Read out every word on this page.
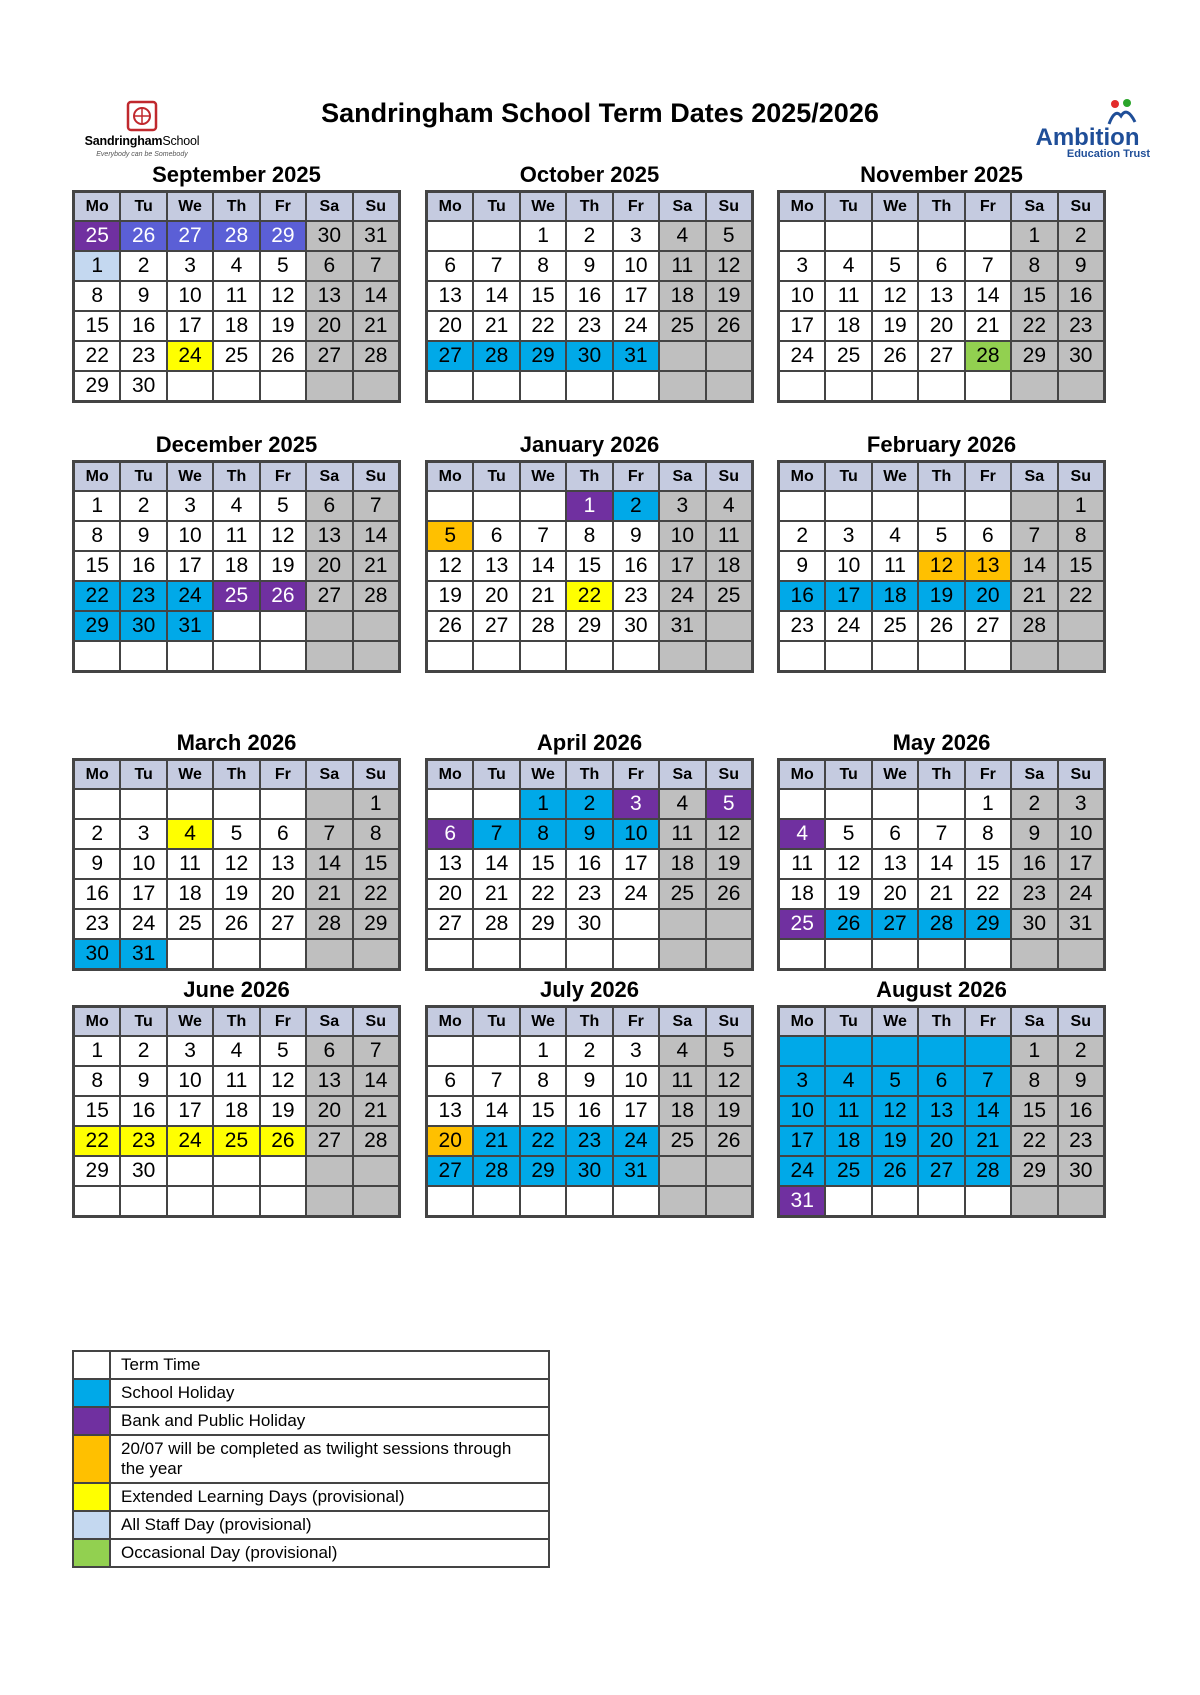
SandringhamSchool
Everybody can be Somebody
Sandringham School Term Dates 2025/2026
Ambition
Education Trust
September 2025
Mo	Tu	We	Th	Fr	Sa	Su
25	26	27	28	29	30	31
1	2	3	4	5	6	7
8	9	10	11	12	13	14
15	16	17	18	19	20	21
22	23	24	25	26	27	28
29	30					
October 2025
Mo	Tu	We	Th	Fr	Sa	Su
		1	2	3	4	5
6	7	8	9	10	11	12
13	14	15	16	17	18	19
20	21	22	23	24	25	26
27	28	29	30	31		

November 2025
Mo	Tu	We	Th	Fr	Sa	Su
					1	2
3	4	5	6	7	8	9
10	11	12	13	14	15	16
17	18	19	20	21	22	23
24	25	26	27	28	29	30

December 2025
Mo	Tu	We	Th	Fr	Sa	Su
1	2	3	4	5	6	7
8	9	10	11	12	13	14
15	16	17	18	19	20	21
22	23	24	25	26	27	28
29	30	31				

January 2026
Mo	Tu	We	Th	Fr	Sa	Su
			1	2	3	4
5	6	7	8	9	10	11
12	13	14	15	16	17	18
19	20	21	22	23	24	25
26	27	28	29	30	31	

February 2026
Mo	Tu	We	Th	Fr	Sa	Su
						1
2	3	4	5	6	7	8
9	10	11	12	13	14	15
16	17	18	19	20	21	22
23	24	25	26	27	28	

March 2026
Mo	Tu	We	Th	Fr	Sa	Su
						1
2	3	4	5	6	7	8
9	10	11	12	13	14	15
16	17	18	19	20	21	22
23	24	25	26	27	28	29
30	31					
April 2026
Mo	Tu	We	Th	Fr	Sa	Su
		1	2	3	4	5
6	7	8	9	10	11	12
13	14	15	16	17	18	19
20	21	22	23	24	25	26
27	28	29	30			

May 2026
Mo	Tu	We	Th	Fr	Sa	Su
				1	2	3
4	5	6	7	8	9	10
11	12	13	14	15	16	17
18	19	20	21	22	23	24
25	26	27	28	29	30	31

June 2026
Mo	Tu	We	Th	Fr	Sa	Su
1	2	3	4	5	6	7
8	9	10	11	12	13	14
15	16	17	18	19	20	21
22	23	24	25	26	27	28
29	30					

July 2026
Mo	Tu	We	Th	Fr	Sa	Su
		1	2	3	4	5
6	7	8	9	10	11	12
13	14	15	16	17	18	19
20	21	22	23	24	25	26
27	28	29	30	31		

August 2026
Mo	Tu	We	Th	Fr	Sa	Su
					1	2
3	4	5	6	7	8	9
10	11	12	13	14	15	16
17	18	19	20	21	22	23
24	25	26	27	28	29	30
31						
Term Time
School Holiday
Bank and Public Holiday
20/07 will be completed as twilight sessions through the year
Extended Learning Days (provisional)
All Staff Day (provisional)
Occasional Day (provisional)
